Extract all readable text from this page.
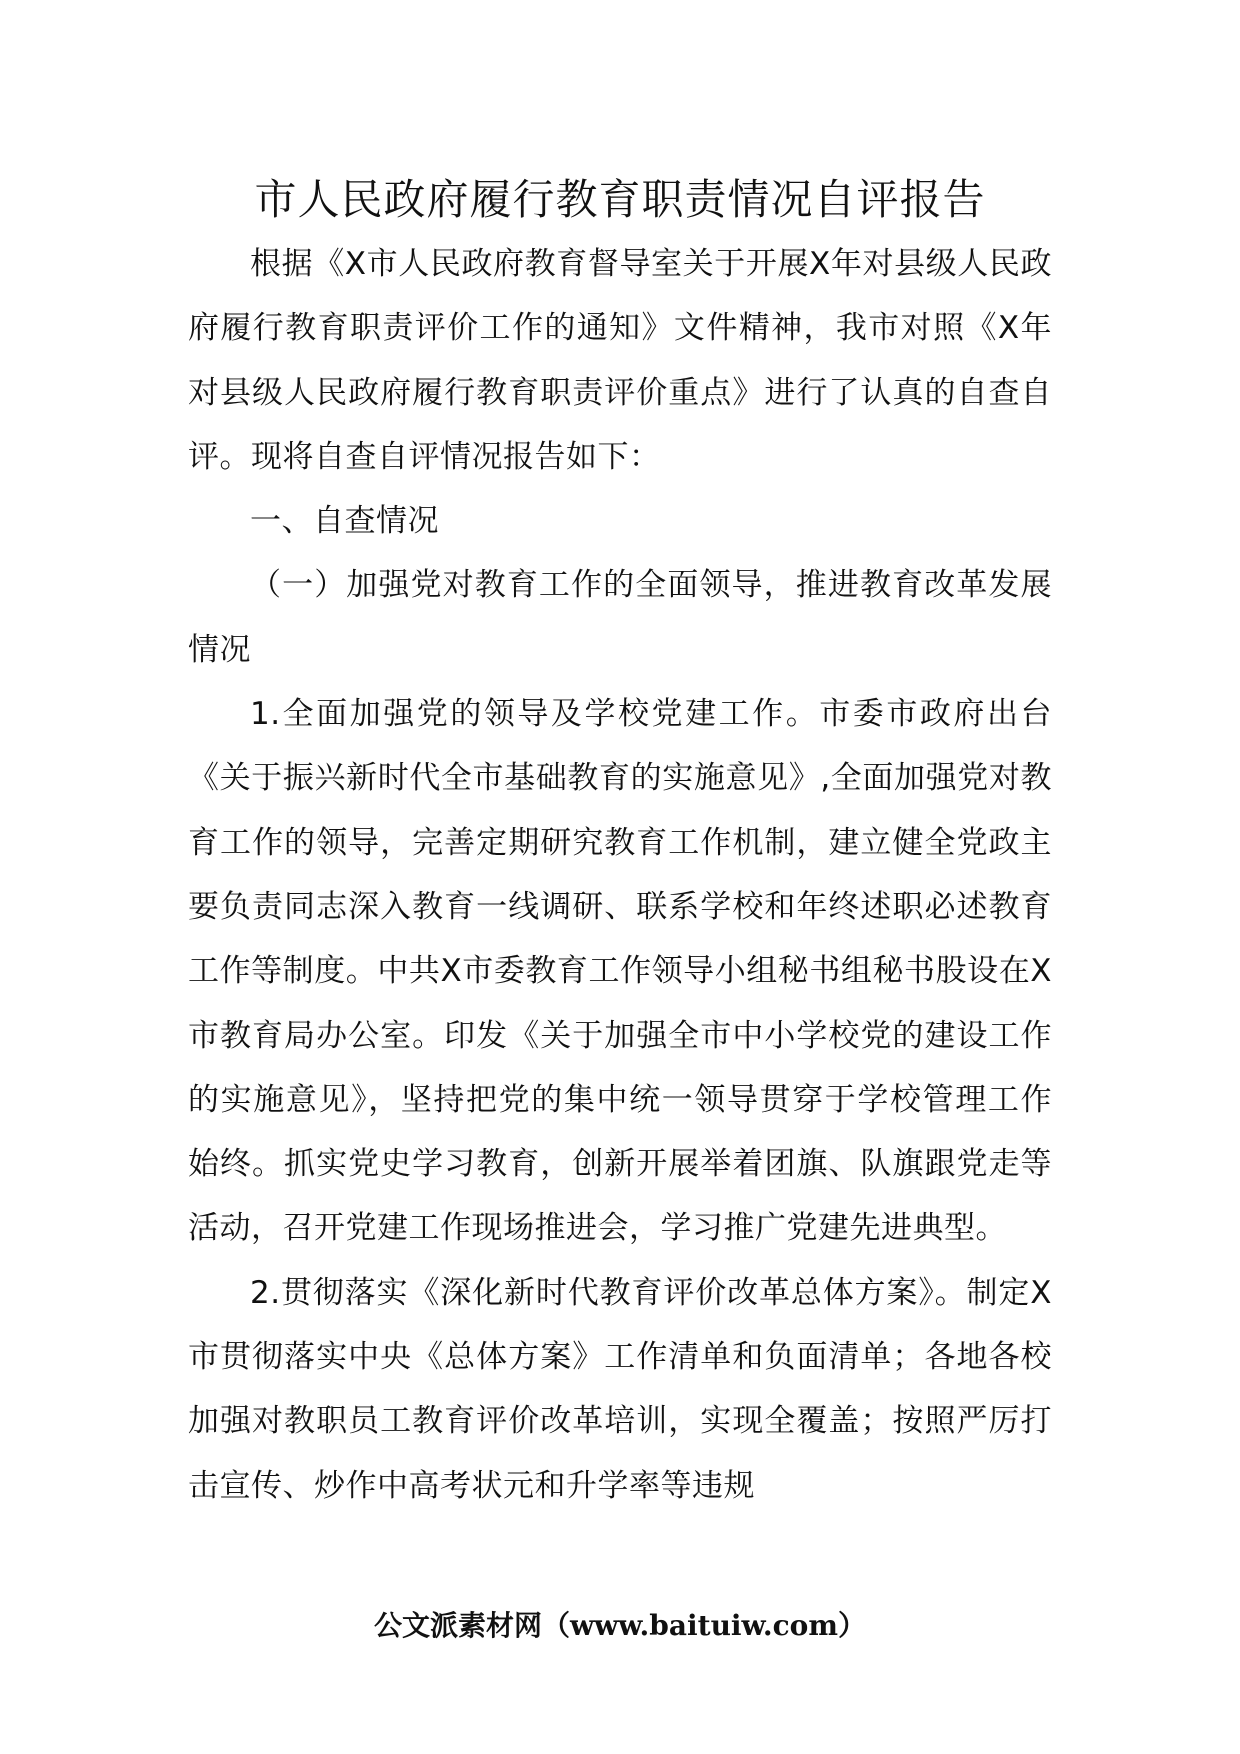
市人民政府履行教育职责情况自评报告

根据《X市人民政府教育督导室关于开展X年对县级人民政府履行教育职责评价工作的通知》文件精神，我市对照《X年对县级人民政府履行教育职责评价重点》进行了认真的自查自评。现将自查自评情况报告如下：

一、自查情况

（一）加强党对教育工作的全面领导，推进教育改革发展情况

1.全面加强党的领导及学校党建工作。市委市政府出台《关于振兴新时代全市基础教育的实施意见》,全面加强党对教育工作的领导，完善定期研究教育工作机制，建立健全党政主要负责同志深入教育一线调研、联系学校和年终述职必述教育工作等制度。中共X市委教育工作领导小组秘书组秘书股设在X市教育局办公室。印发《关于加强全市中小学校党的建设工作的实施意见》，坚持把党的集中统一领导贯穿于学校管理工作始终。抓实党史学习教育，创新开展举着团旗、队旗跟党走等活动，召开党建工作现场推进会，学习推广党建先进典型。

2.贯彻落实《深化新时代教育评价改革总体方案》。制定X市贯彻落实中央《总体方案》工作清单和负面清单；各地各校加强对教职员工教育评价改革培训，实现全覆盖；按照严厉打击宣传、炒作中高考状元和升学率等违规

公文派素材网（www.baituiw.com）
